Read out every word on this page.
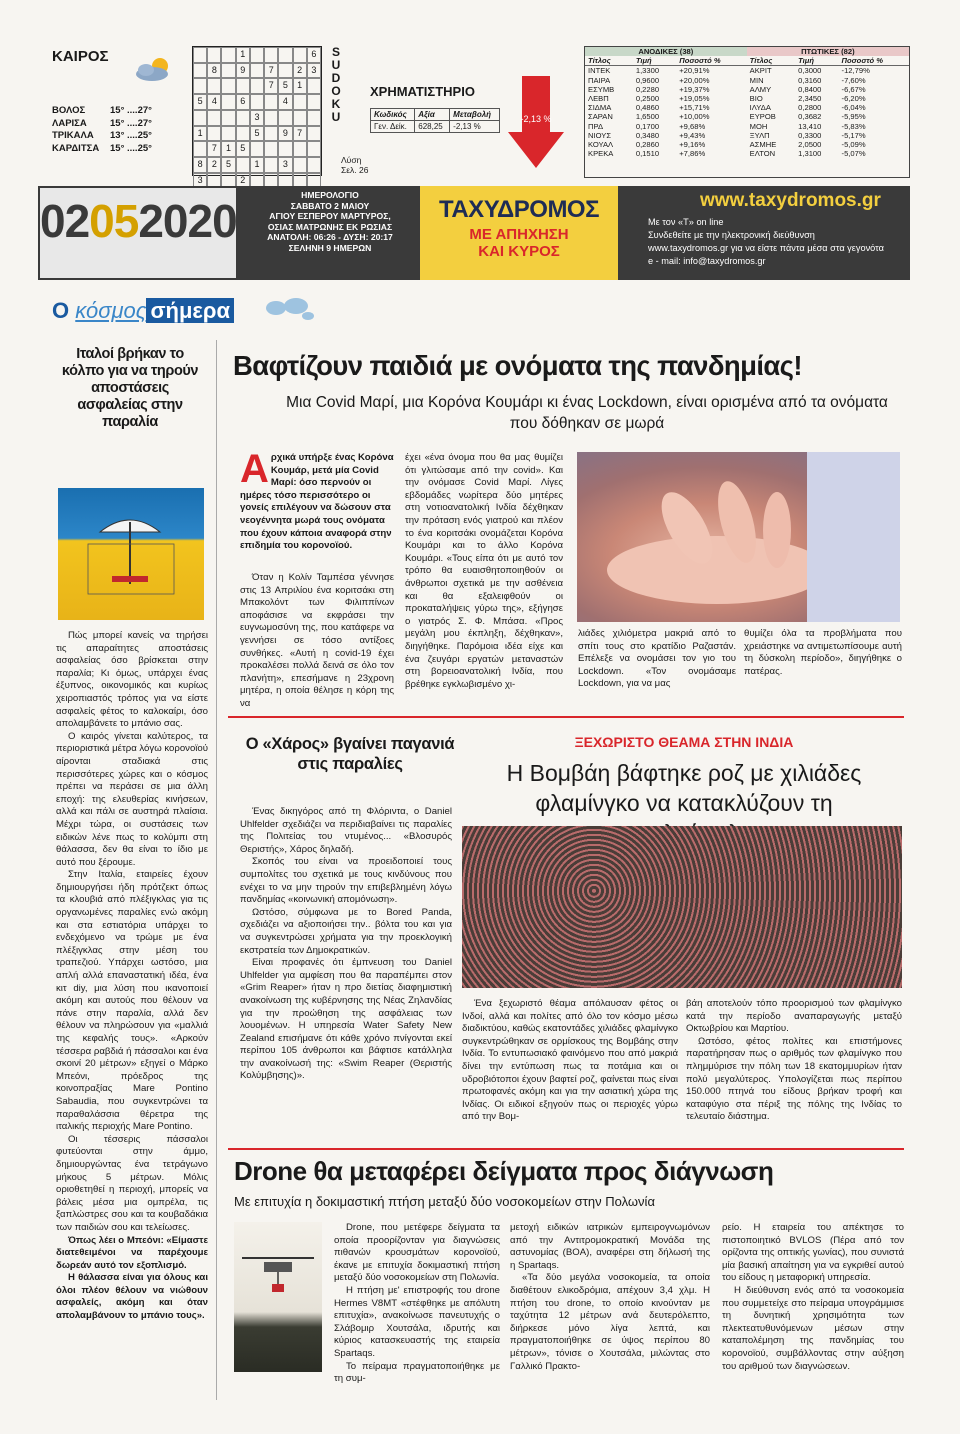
ΚΑΙΡΟΣ
ΒΟΛΟΣ	15° ....27°
ΛΑΡΙΣΑ	15° ....27°
ΤΡΙΚΑΛΑ	13° ....25°
ΚΑΡΔΙΤΣΑ	15° ....25°
1	6
8	9	7	2	3
7	5	1
5	4	6	4
3
1	5	9	7
7	1	5
8	2	5	1	3
3	2
S
U
D
O
K
U
Λύση Σελ. 26
ΧΡΗΜΑΤΙΣΤΗΡΙΟ
Κωδικός	Αξία	Μεταβολή
Γεν. Δείκ.	628,25	-2,13 %
-2,13 %
ΑΝΟΔΙΚΕΣ (38)			ΠΤΩΤΙΚΕΣ (82)		
Τίτλος	Τιμή	Ποσοστό %	Τίτλος	Τιμή	Ποσοστό %
ΙΝΤΕΚ	1,3300	+20,91%	ΑΚΡΙΤ	0,3000	-12,79%
ΠΑΙΡΑ	0,9600	+20,00%	ΜΙΝ	0,3160	-7,60%
ΕΣΥΜΒ	0,2280	+19,37%	ΑΛΜΥ	0,8400	-6,67%
ΛΕΒΠ	0,2500	+19,05%	ΒΙΟ	2,3450	-6,20%
ΣΙΔΜΑ	0,4860	+15,71%	ΙΛΥΔΑ	0,2800	-6,04%
ΣΑΡΑΝ	1,6500	+10,00%	ΕΥΡΟΒ	0,3682	-5,95%
ΠΡΔ	0,1700	+9,68%	ΜΟΗ	13,410	-5,83%
ΝΙΟΥΣ	0,3480	+9,43%	ΞΥΛΠ	0,3300	-5,17%
ΚΟΥΑΛ	0,2860	+9,16%	ΑΣΜΗΕ	2,0500	-5,09%
ΚΡΕΚΑ	0,1510	+7,86%	ΕΛΤΟΝ	1,3100	-5,07%
02052020	ΗΜΕΡΟΛΟΓΙΟ
ΣΑΒΒΑΤΟ 2 ΜΑΙΟΥ
ΑΓΙΟΥ ΕΣΠΕΡΟΥ ΜΑΡΤΥΡΟΣ,
ΟΣΙΑΣ ΜΑΤΡΩΝΗΣ ΕΚ ΡΩΣΙΑΣ
ΑΝΑΤΟΛΗ: 06:26 - ΔΥΣΗ: 20:17
ΣΕΛΗΝΗ 9 ΗΜΕΡΩΝ
ΤΑΧΥΔΡΟΜΟΣ
ΜΕ ΑΠΗΧΗΣΗ
ΚΑΙ ΚΥΡΟΣ
www.taxydromos.gr
Με τον «Τ» on line
Συνδεθείτε με την ηλεκτρονική διεύθυνση
www.taxydromos.gr για να είστε πάντα μέσα στα γεγονότα
e - mail: info@taxydromos.gr
Ο κόσμος σήμερα
Ιταλοί βρήκαν το κόλπο για να τηρούν αποστάσεις ασφαλείας στην παραλία

Πώς μπορεί κανείς να τηρήσει τις απαραίτητες αποστάσεις ασφαλείας όσο βρίσκεται στην παραλία; Κι όμως, υπάρχει ένας έξυπνος, οικονομικός και κυρίως χειροπιαστός τρόπος για να είστε ασφαλείς φέτος το καλοκαίρι, όσο απολαμβάνετε το μπάνιο σας.

Ο καιρός γίνεται καλύτερος, τα περιοριστικά μέτρα λόγω κορονοϊού αίρονται σταδιακά στις περισσότερες χώρες και ο κόσμος πρέπει να περάσει σε μια άλλη εποχή: της ελευθερίας κινήσεων, αλλά και πάλι σε αυστηρά πλαίσια. Μέχρι τώρα, οι συστάσεις των ειδικών λένε πως το κολύμπι στη θάλασσα, δεν θα είναι το ίδιο με αυτό που ξέρουμε.

Στην Ιταλία, εταιρείες έχουν δημιουργήσει ήδη πρότζεκτ όπως τα κλουβιά από πλέξιγκλας για τις οργανωμένες παραλίες ενώ ακόμη και στα εστιατόρια υπάρχει το ενδεχόμενο να τρώμε με ένα πλέξιγκλας στην μέση του τραπεζιού. Υπάρχει ωστόσο, μια απλή αλλά επαναστατική ιδέα, ένα κιτ diy, μια λύση που ικανοποιεί ακόμη και αυτούς που θέλουν να πάνε στην παραλία, αλλά δεν θέλουν να πληρώσουν για «μαλλιά της κεφαλής τους». «Αρκούν τέσσερα ραβδιά ή πάσσαλοι και ένα σκοινί 20 μέτρων» εξηγεί ο Μάρκο Μπεόνι, πρόεδρος της κοινοπραξίας Mare Pontino Sabaudia, που συγκεντρώνει τα παραθαλάσσια θέρετρα της ιταλικής περιοχής Mare Pontino.

Οι τέσσερις πάσσαλοι φυτεύονται στην άμμο, δημιουργώντας ένα τετράγωνο μήκους 5 μέτρων. Μόλις οριοθετηθεί η περιοχή, μπορείς να βάλεις μέσα μια ομπρέλα, τις ξαπλώστρες σου και τα κουβαδάκια των παιδιών σου και τελείωσες.

Όπως λέει ο Μπεόνι: «Είμαστε διατεθειμένοι να παρέχουμε δωρεάν αυτό τον εξοπλισμό.

Η θάλασσα είναι για όλους και όλοι πλέον θέλουν να νιώθουν ασφαλείς, ακόμη και όταν απολαμβάνουν το μπάνιο τους».

Βαφτίζουν παιδιά με ονόματα της πανδημίας!
Μια Covid Μαρί, μια Κορόνα Κουμάρι κι ένας Lockdown, είναι ορισμένα από τα ονόματα που δόθηκαν σε μωρά
Αρχικά υπήρξε ένας Κορόνα Κουμάρ, μετά μία Covid Μαρί: όσο περνούν οι ημέρες τόσο περισσότερο οι γονείς επιλέγουν να δώσουν στα νεογέννητα μωρά τους ονόματα που έχουν κάποια αναφορά στην επιδημία του κορονοϊού.

Όταν η Κολίν Ταμπέσα γέννησε στις 13 Απριλίου ένα κοριτσάκι στη Μπακολόντ των Φιλιππίνων αποφάσισε να εκφράσει την ευγνωμοσύνη της, που κατάφερε να γεννήσει σε τόσο αντίξοες συνθήκες. «Αυτή η covid-19 έχει προκαλέσει πολλά δεινά σε όλο τον πλανήτη», επεσήμανε η 23χρονη μητέρα, η οποία θέλησε η κόρη της να

έχει «ένα όνομα που θα μας θυμίζει ότι γλιτώσαμε από την covid». Και την ονόμασε Covid Μαρί. Λίγες εβδομάδες νωρίτερα δύο μητέρες στη νοτιοανατολική Ινδία δέχθηκαν την πρόταση ενός γιατρού και πλέον το ένα κοριτσάκι ονομάζεται Κορόνα Κουμάρι και το άλλο Κορόνα Κουμάρι. «Τους είπα ότι με αυτό τον τρόπο θα ευαισθητοποιηθούν οι άνθρωποι σχετικά με την ασθένεια και θα εξαλειφθούν οι προκαταλήψεις γύρω της», εξήγησε ο γιατρός Σ. Φ. Μπάσα. «Προς μεγάλη μου έκπληξη, δέχθηκαν», διηγήθηκε. Παρόμοια ιδέα είχε και ένα ζευγάρι εργατών μεταναστών στη βορειοανατολική Ινδία, που βρέθηκε εγκλωβισμένο χι-

λιάδες χιλιόμετρα μακριά από το σπίτι τους στο κρατίδιο Ραζαστάν. Επέλεξε να ονομάσει τον γιο του Lockdown. «Τον ονομάσαμε Lockdown, για να μας

θυμίζει όλα τα προβλήματα που χρειάστηκε να αντιμετωπίσουμε αυτή τη δύσκολη περίοδο», διηγήθηκε ο πατέρας.

Ο «Χάρος» βγαίνει παγανιά στις παραλίες

Ένας δικηγόρος από τη Φλόριντα, ο Daniel Uhlfelder σχεδιάζει να περιδιαβαίνει τις παραλίες της Πολιτείας του ντυμένος... «Βλοσυρός Θεριστής», Χάρος δηλαδή.

Σκοπός του είναι να προειδοποιεί τους συμπολίτες του σχετικά με τους κινδύνους που ενέχει το να μην τηρούν την επιβεβλημένη λόγω πανδημίας «κοινωνική απομόνωση».

Ωστόσο, σύμφωνα με το Bored Panda, σχεδιάζει να αξιοποιήσει την.. βόλτα του και για να συγκεντρώσει χρήματα για την προεκλογική εκστρατεία των Δημοκρατικών.

Είναι προφανές ότι έμπνευση του Daniel Uhlfelder για αμφίεση που θα παραπέμπει στον «Grim Reaper» ήταν η προ διετίας διαφημιστική ανακοίνωση της κυβέρνησης της Νέας Ζηλανδίας για την προώθηση της ασφάλειας των λουομένων. Η υπηρεσία Water Safety New Zealand επισήμανε ότι κάθε χρόνο πνίγονται εκεί περίπου 105 άνθρωποι και βάφτισε κατάλληλα την ανακοίνωσή της: «Swim Reaper (Θεριστής Κολύμβησης)».

ΞΕΧΩΡΙΣΤΟ ΘΕΑΜΑ ΣΤΗΝ ΙΝΔΙΑ
Η Βομβάη βάφτηκε ροζ με χιλιάδες φλαμίνγκο να κατακλύζουν τη

Ένα ξεχωριστό θέαμα απόλαυσαν φέτος οι Ινδοί, αλλά και πολίτες από όλο τον κόσμο μέσω διαδικτύου, καθώς εκατοντάδες χιλιάδες φλαμίνγκο συγκεντρώθηκαν σε ορμίσκους της Βομβάης στην Ινδία. Το εντυπωσιακό φαινόμενο που από μακριά δίνει την εντύπωση πως τα ποτάμια και οι υδροβιότοποι έχουν βαφτεί ροζ, φαίνεται πως είναι πρωτοφανές ακόμη και για την ασιατική χώρα της Ινδίας. Οι ειδικοί εξηγούν πως οι περιοχές γύρω από την Βομ-

βάη αποτελούν τόπο προορισμού των φλαμίνγκο κατά την περίοδο αναπαραγωγής μεταξύ Οκτωβρίου και Μαρτίου.

Ωστόσο, φέτος πολίτες και επιστήμονες παρατήρησαν πως ο αριθμός των φλαμίνγκο που πλημμύρισε την πόλη των 18 εκατομμυρίων ήταν πολύ μεγαλύτερος. Υπολογίζεται πως περίπου 150.000 πτηνά του είδους βρήκαν τροφή και καταφύγιο στα πέριξ της πόλης της Ινδίας το τελευταίο διάστημα.

Drone θα μεταφέρει δείγματα προς διάγνωση
Με επιτυχία η δοκιμαστική πτήση μεταξύ δύο νοσοκομείων στην Πολωνία

Drone, που μετέφερε δείγματα τα οποία προορίζονταν για διαγνώσεις πιθανών κρουσμάτων κορονοϊού, έκανε με επιτυχία δοκιμαστική πτήση μεταξύ δύο νοσοκομείων στη Πολωνία.

Η πτήση με' επιστροφής του drone Hermes V8MT «στέφθηκε με απόλυτη επιτυχία», ανακοίνωσε πανευτυχής ο Σλάβομιρ Χουτσάλα, ιδρυτής και κύριος κατασκευαστής της εταιρεία Spartaqs.

Το πείραμα πραγματοποιήθηκε με τη συμ-

μετοχή ειδικών ιατρικών εμπειρογνωμόνων από την Αντιτρομοκρατική Μονάδα της αστυνομίας (BOA), αναφέρει στη δήλωσή της η Spartaqs.

«Τα δύο μεγάλα νοσοκομεία, τα οποία διαθέτουν ελικοδρόμια, απέχουν 3,4 χλμ. Η πτήση του drone, το οποίο κινούνταν με ταχύτητα 12 μέτρων ανά δευτερόλεπτο, διήρκεσε μόνο λίγα λεπτά, και πραγματοποιήθηκε σε ύψος περίπου 80 μέτρων», τόνισε ο Χουτσάλα, μιλώντας στο Γαλλικό Πρακτο-

ρείο. Η εταιρεία του απέκτησε το πιστοποιητικό BVLOS (Πέρα από τον ορίζοντα της οπτικής γωνίας), που συνιστά μία βασική απαίτηση για να εγκριθεί αυτού του είδους η μεταφορική υπηρεσία.

Η διεύθυνση ενός από τα νοσοκομεία που συμμετείχε στο πείραμα υπογράμμισε τη δυνητική χρησιμότητα των πλεκτεατυθυνόμενων μέσων στην καταπολέμηση της πανδημίας του κορονοϊού, συμβάλλοντας στην αύξηση του αριθμού των διαγνώσεων.
